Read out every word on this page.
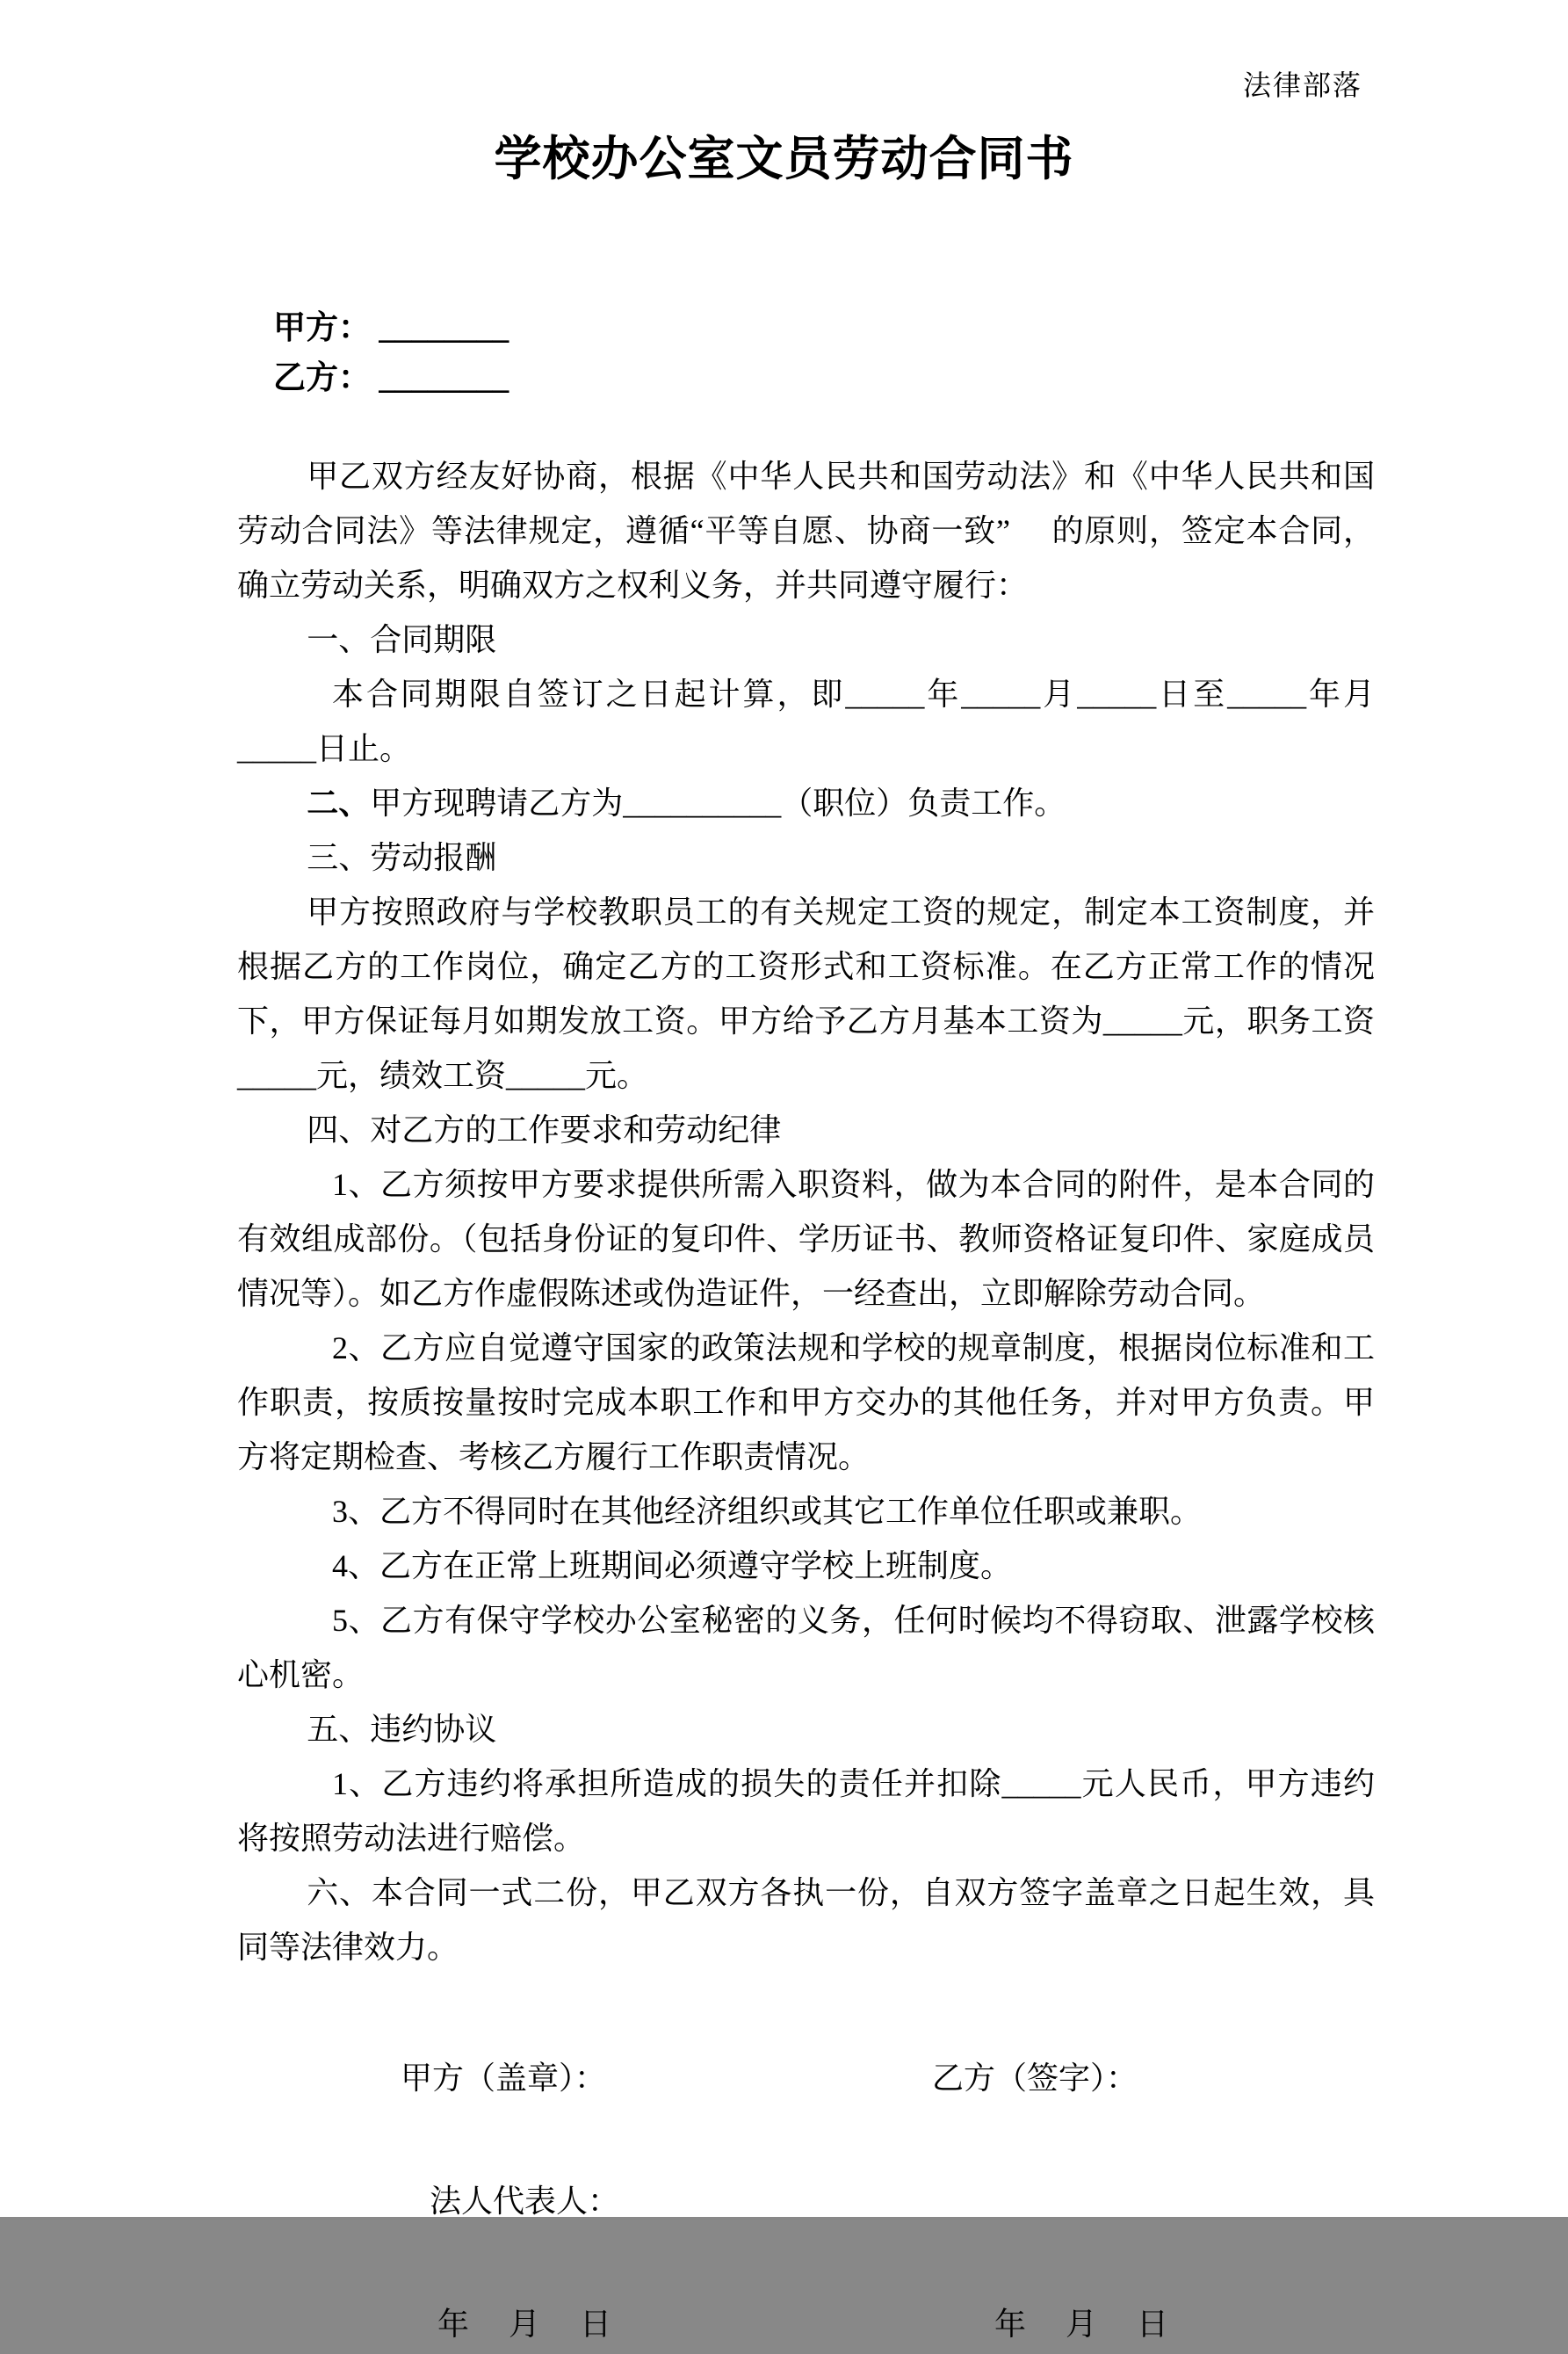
法律部落
学校办公室文员劳动合同书
甲方： ________
乙方： ________

甲乙双方经友好协商，根据《中华人民共和国劳动法》和《中华人民共和国劳动合同法》等法律规定，遵循“平等自愿、协商一致”　 的原则，签定本合同，确立劳动关系，明确双方之权利义务，并共同遵守履行：

一、合同期限

本合同期限自签订之日起计算，即_____年_____月_____日至_____年月_____日止。

二、甲方现聘请乙方为__________（职位）负责工作。

三、劳动报酬

甲方按照政府与学校教职员工的有关规定工资的规定，制定本工资制度，并根据乙方的工作岗位，确定乙方的工资形式和工资标准。在乙方正常工作的情况下，甲方保证每月如期发放工资。甲方给予乙方月基本工资为_____元，职务工资_____元，绩效工资_____元。

四、对乙方的工作要求和劳动纪律

1、乙方须按甲方要求提供所需入职资料，做为本合同的附件，是本合同的有效组成部份。（包括身份证的复印件、学历证书、教师资格证复印件、家庭成员情况等）。如乙方作虚假陈述或伪造证件，一经查出，立即解除劳动合同。

2、乙方应自觉遵守国家的政策法规和学校的规章制度，根据岗位标准和工作职责，按质按量按时完成本职工作和甲方交办的其他任务，并对甲方负责。甲方将定期检查、考核乙方履行工作职责情况。

3、乙方不得同时在其他经济组织或其它工作单位任职或兼职。

4、乙方在正常上班期间必须遵守学校上班制度。

5、乙方有保守学校办公室秘密的义务，任何时候均不得窃取、泄露学校核心机密。

五、违约协议

1、乙方违约将承担所造成的损失的责任并扣除_____元人民币，甲方违约将按照劳动法进行赔偿。

六、本合同一式二份，甲乙双方各执一份，自双方签字盖章之日起生效，具同等法律效力。

甲方（盖章）：	乙方（签字）：
法人代表人：
年　 月　 日	年　 月　 日
